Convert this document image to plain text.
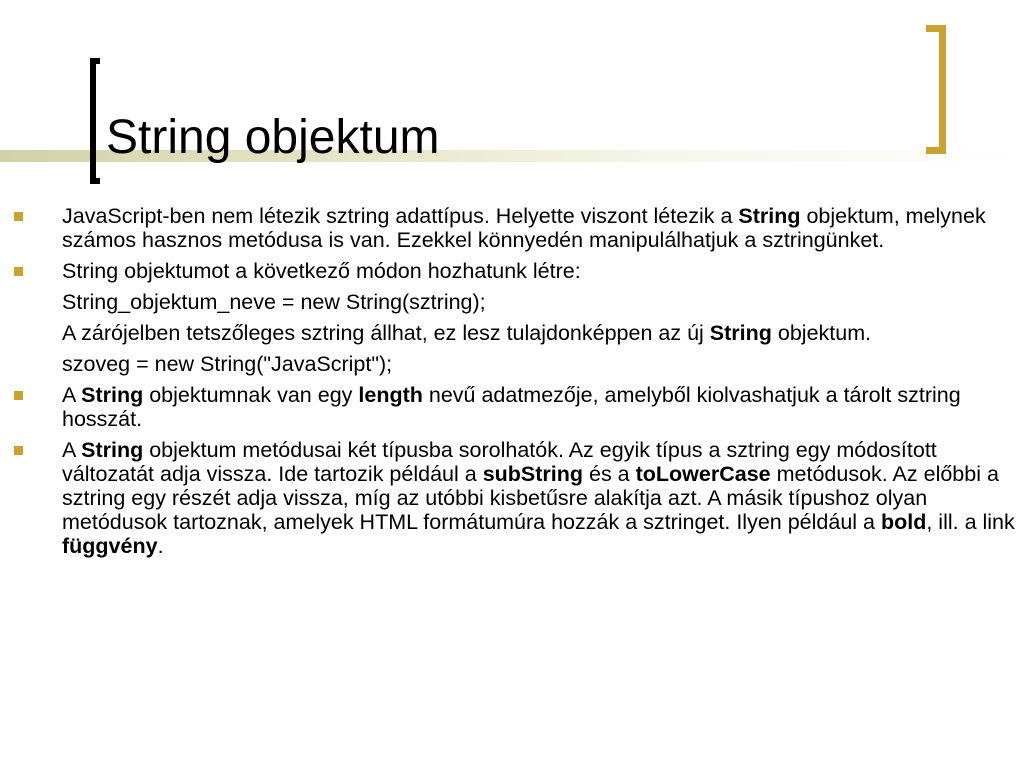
String objektum
JavaScript-ben nem létezik sztring adattípus. Helyette viszont létezik a String objektum, melynek számos hasznos metódusa is van. Ezekkel könnyedén manipulálhatjuk a sztringünket.
String objektumot a következő módon hozhatunk létre:
String_objektum_neve = new String(sztring);
A zárójelben tetszőleges sztring állhat, ez lesz tulajdonképpen az új String objektum.
szoveg = new String("JavaScript");
A String objektumnak van egy length nevű adatmezője, amelyből kiolvashatjuk a tárolt sztring hosszát.
A String objektum metódusai két típusba sorolhatók. Az egyik típus a sztring egy módosított változatát adja vissza. Ide tartozik például a subString és a toLowerCase metódusok. Az előbbi a sztring egy részét adja vissza, míg az utóbbi kisbetűsre alakítja azt. A másik típushoz olyan metódusok tartoznak, amelyek HTML formátumúra hozzák a sztringet. Ilyen például a bold, ill. a link függvény.
